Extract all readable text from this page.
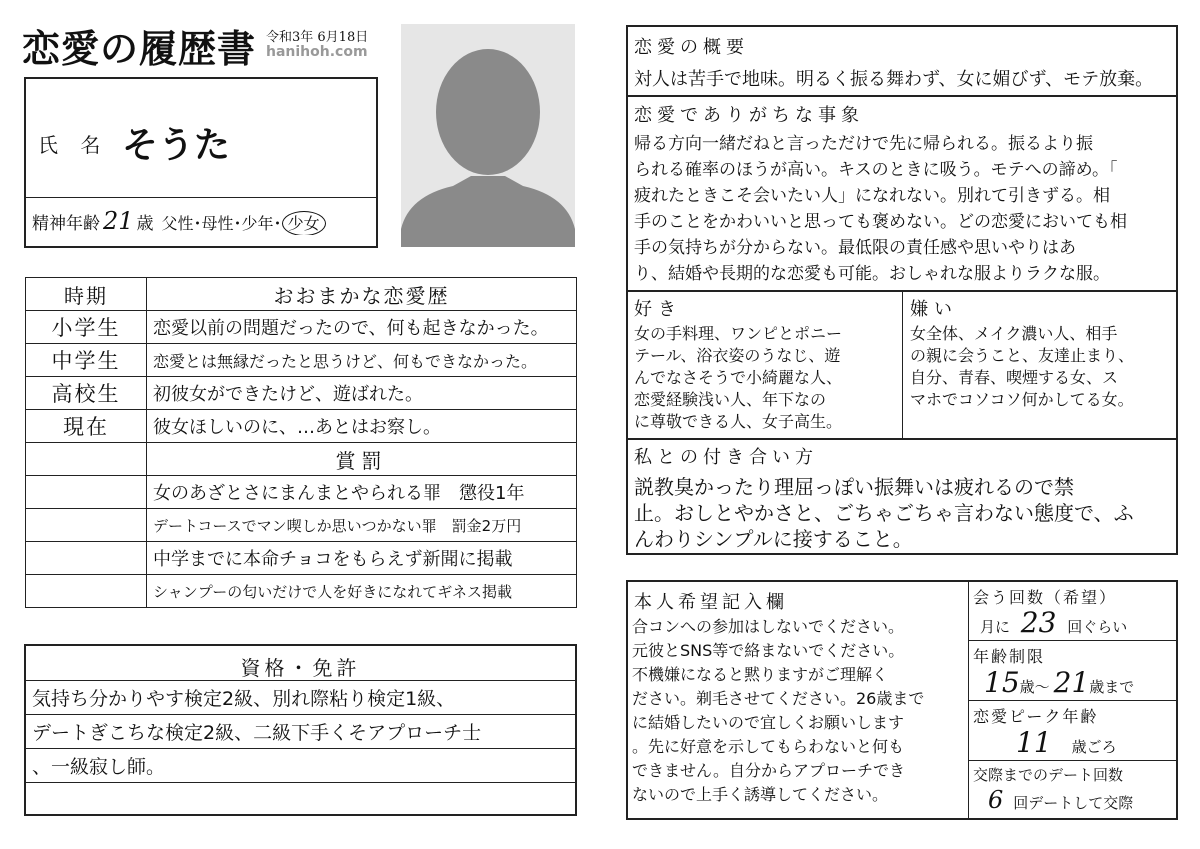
恋愛の履歴書 令和3年 6月18日
hanihoh.com
氏 名 そうた
精神年齢 21 歳 父性･母性･少年･ 少女
時期	おおまかな恋愛歴
小学生	恋愛以前の問題だったので、何も起きなかった。
中学生	恋愛とは無縁だったと思うけど、何もできなかった。
高校生	初彼女ができたけど、遊ばれた。
現在	彼女ほしいのに、…あとはお察し。
	賞罰
	女のあざとさにまんまとやられる罪　懲役1年
	デートコースでマン喫しか思いつかない罪　罰金2万円
	中学までに本命チョコをもらえず新聞に掲載
	シャンプーの匂いだけで人を好きになれてギネス掲載
資格・免許
気持ち分かりやす検定2級、別れ際粘り検定1級、
デートぎこちな検定2級、二級下手くそアプローチ士
、一級寂し師。
恋愛の概要
対人は苦手で地味。明るく振る舞わず、女に媚びず、モテ放棄。
恋愛でありがちな事象
帰る方向一緒だねと言っただけで先に帰られる。振るより振
られる確率のほうが高い。キスのときに吸う。モテへの諦め。「
疲れたときこそ会いたい人」になれない。別れて引きずる。相
手のことをかわいいと思っても褒めない。どの恋愛においても相
手の気持ちが分からない。最低限の責任感や思いやりはあ
り、結婚や長期的な恋愛も可能。おしゃれな服よりラクな服。
好き
女の手料理、ワンピとポニー
テール、浴衣姿のうなじ、遊
んでなさそうで小綺麗な人、
恋愛経験浅い人、年下なの
に尊敬できる人、女子高生。
嫌い
女全体、メイク濃い人、相手
の親に会うこと、友達止まり、
自分、青春、喫煙する女、ス
マホでコソコソ何かしてる女。
私との付き合い方
説教臭かったり理屈っぽい振舞いは疲れるので禁
止。おしとやかさと、ごちゃごちゃ言わない態度で、ふ
んわりシンプルに接すること。
本人希望記入欄
合コンへの参加はしないでください。
元彼とSNS等で絡まないでください。
不機嫌になると黙りますがご理解く
ださい。剃毛させてください。26歳まで
に結婚したいので宜しくお願いします
。先に好意を示してもらわないと何も
できません。自分からアプローチでき
ないので上手く誘導してください。
会う回数（希望）
月に 23 回ぐらい
年齢制限
15歳〜 21歳まで
恋愛ピーク年齢
11 歳ごろ
交際までのデート回数
6 回デートして交際
